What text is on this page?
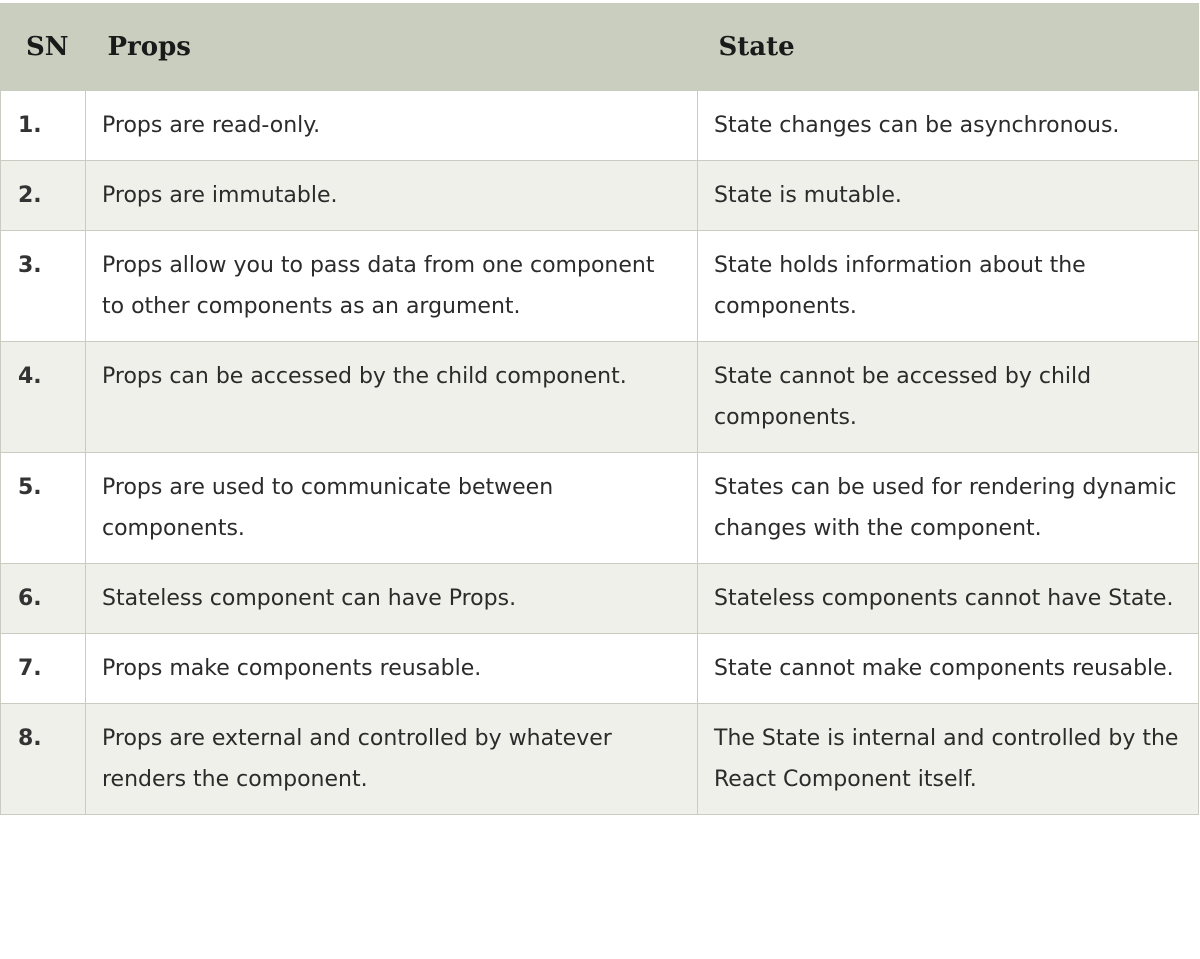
SN	Props	State
1.	Props are read-only.	State changes can be asynchronous.
2.	Props are immutable.	State is mutable.
3.	Props allow you to pass data from one component to other components as an argument.	State holds information about the components.
4.	Props can be accessed by the child component.	State cannot be accessed by child components.
5.	Props are used to communicate between components.	States can be used for rendering dynamic changes with the component.
6.	Stateless component can have Props.	Stateless components cannot have State.
7.	Props make components reusable.	State cannot make components reusable.
8.	Props are external and controlled by whatever renders the component.	The State is internal and controlled by the React Component itself.
